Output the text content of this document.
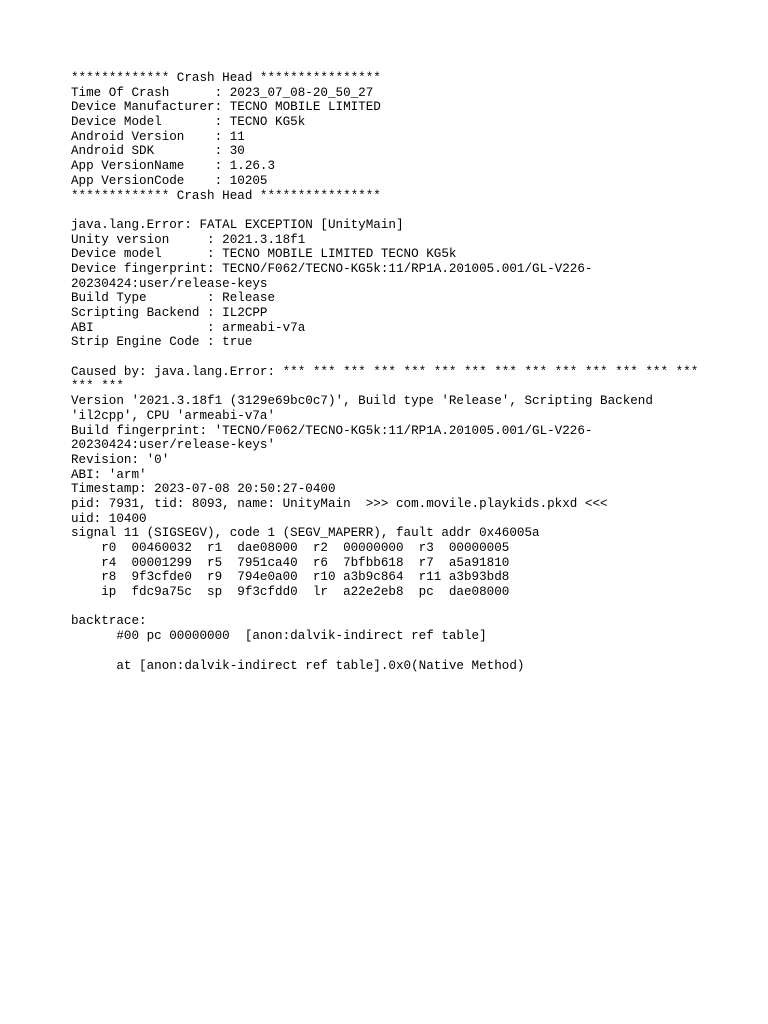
************* Crash Head ****************
Time Of Crash      : 2023_07_08-20_50_27
Device Manufacturer: TECNO MOBILE LIMITED
Device Model       : TECNO KG5k
Android Version    : 11
Android SDK        : 30
App VersionName    : 1.26.3
App VersionCode    : 10205
************* Crash Head ****************
java.lang.Error: FATAL EXCEPTION [UnityMain]
Unity version     : 2021.3.18f1
Device model      : TECNO MOBILE LIMITED TECNO KG5k
Device fingerprint: TECNO/F062/TECNO-KG5k:11/RP1A.201005.001/GL-V226-
20230424:user/release-keys
Build Type        : Release
Scripting Backend : IL2CPP
ABI               : armeabi-v7a
Strip Engine Code : true
Caused by: java.lang.Error: *** *** *** *** *** *** *** *** *** *** *** *** *** ***
*** ***
Version '2021.3.18f1 (3129e69bc0c7)', Build type 'Release', Scripting Backend
'il2cpp', CPU 'armeabi-v7a'
Build fingerprint: 'TECNO/F062/TECNO-KG5k:11/RP1A.201005.001/GL-V226-
20230424:user/release-keys'
Revision: '0'
ABI: 'arm'
Timestamp: 2023-07-08 20:50:27-0400
pid: 7931, tid: 8093, name: UnityMain  >>> com.movile.playkids.pkxd <<<
uid: 10400
signal 11 (SIGSEGV), code 1 (SEGV_MAPERR), fault addr 0x46005a
r0  00460032  r1  dae08000  r2  00000000  r3  00000005
r4  00001299  r5  7951ca40  r6  7bfbb618  r7  a5a91810
r8  9f3cfde0  r9  794e0a00  r10 a3b9c864  r11 a3b93bd8
ip  fdc9a75c  sp  9f3cfdd0  lr  a22e2eb8  pc  dae08000
backtrace:
#00 pc 00000000  [anon:dalvik-indirect ref table]
at [anon:dalvik-indirect ref table].0x0(Native Method)
